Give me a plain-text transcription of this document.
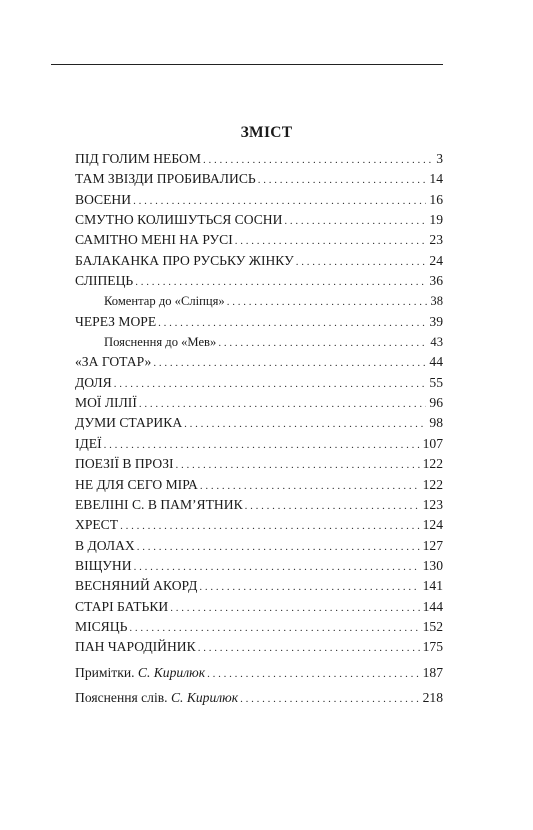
ЗМІСТ
ПІД ГОЛИМ НЕБОМ . . .	3
ТАМ ЗВІЗДИ ПРОБИВАЛИСЬ . . .	14
ВОСЕНИ . . .	16
СМУТНО КОЛИШУТЬСЯ СОСНИ . . .	19
САМІТНО МЕНІ НА РУСІ . . .	23
БАЛАКАНКА ПРО РУСЬКУ ЖІНКУ . . .	24
СЛІПЕЦЬ . . .	36
Коментар до «Сліпця» . . .	38
ЧЕРЕЗ МОРЕ . . .	39
Пояснення до «Мев» . . .	43
«ЗА ГОТАР» . . .	44
ДОЛЯ . . .	55
МОЇ ЛІЛІЇ . . .	96
ДУМИ СТАРИКА . . .	98
ІДЕЇ . . .	107
ПОЕЗІЇ В ПРОЗІ . . .	122
НЕ ДЛЯ СЕГО МІРА . . .	122
ЕВЕЛІНІ С. В ПАМ’ЯТНИК . . .	123
ХРЕСТ . . .	124
В ДОЛАХ . . .	127
ВІЩУНИ . . .	130
ВЕСНЯНИЙ АКОРД . . .	141
СТАРІ БАТЬКИ . . .	144
МІСЯЦЬ . . .	152
ПАН ЧАРОДІЙНИК . . .	175
Примітки. С. Кирилюк . . .	187
Пояснення слів. С. Кирилюк . . .	218
